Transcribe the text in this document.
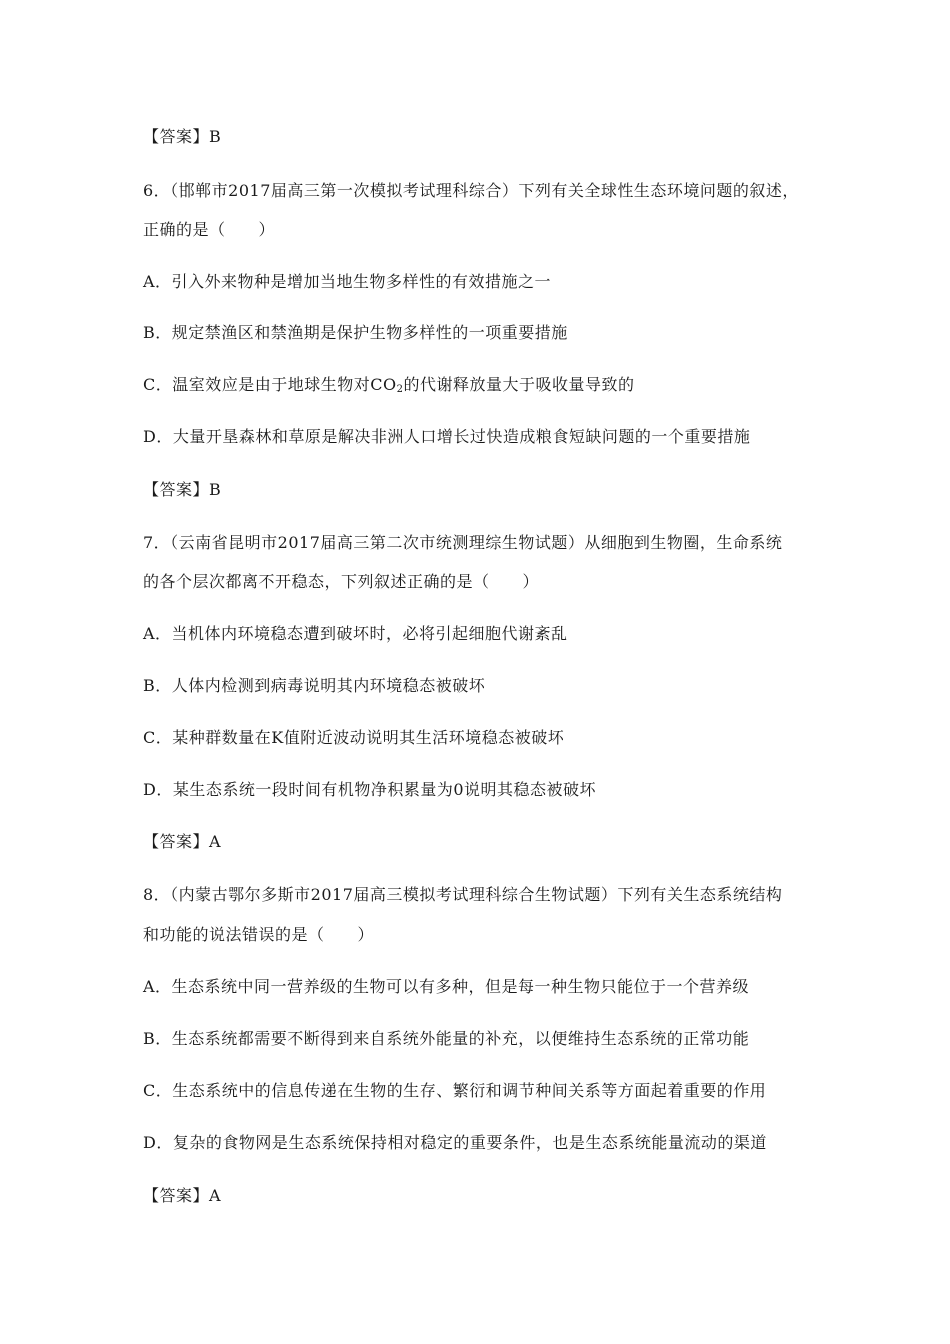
【答案】B
6．（邯郸市2017届高三第一次模拟考试理科综合）下列有关全球性生态环境问题的叙述，
正确的是（　　）
A．引入外来物种是增加当地生物多样性的有效措施之一
B．规定禁渔区和禁渔期是保护生物多样性的一项重要措施
C．温室效应是由于地球生物对$CO_2$的代谢释放量大于吸收量导致的
D．大量开垦森林和草原是解决非洲人口增长过快造成粮食短缺问题的一个重要措施
【答案】B
7．（云南省昆明市2017届高三第二次市统测理综生物试题）从细胞到生物圈，生命系统
的各个层次都离不开稳态，下列叙述正确的是（　　）
A．当机体内环境稳态遭到破坏时，必将引起细胞代谢紊乱
B．人体内检测到病毒说明其内环境稳态被破坏
C．某种群数量在K值附近波动说明其生活环境稳态被破坏
D．某生态系统一段时间有机物净积累量为0说明其稳态被破坏
【答案】A
8．（内蒙古鄂尔多斯市2017届高三模拟考试理科综合生物试题）下列有关生态系统结构
和功能的说法错误的是（　　）
A．生态系统中同一营养级的生物可以有多种，但是每一种生物只能位于一个营养级
B．生态系统都需要不断得到来自系统外能量的补充，以便维持生态系统的正常功能
C．生态系统中的信息传递在生物的生存、繁衍和调节种间关系等方面起着重要的作用
D．复杂的食物网是生态系统保持相对稳定的重要条件，也是生态系统能量流动的渠道
【答案】A
